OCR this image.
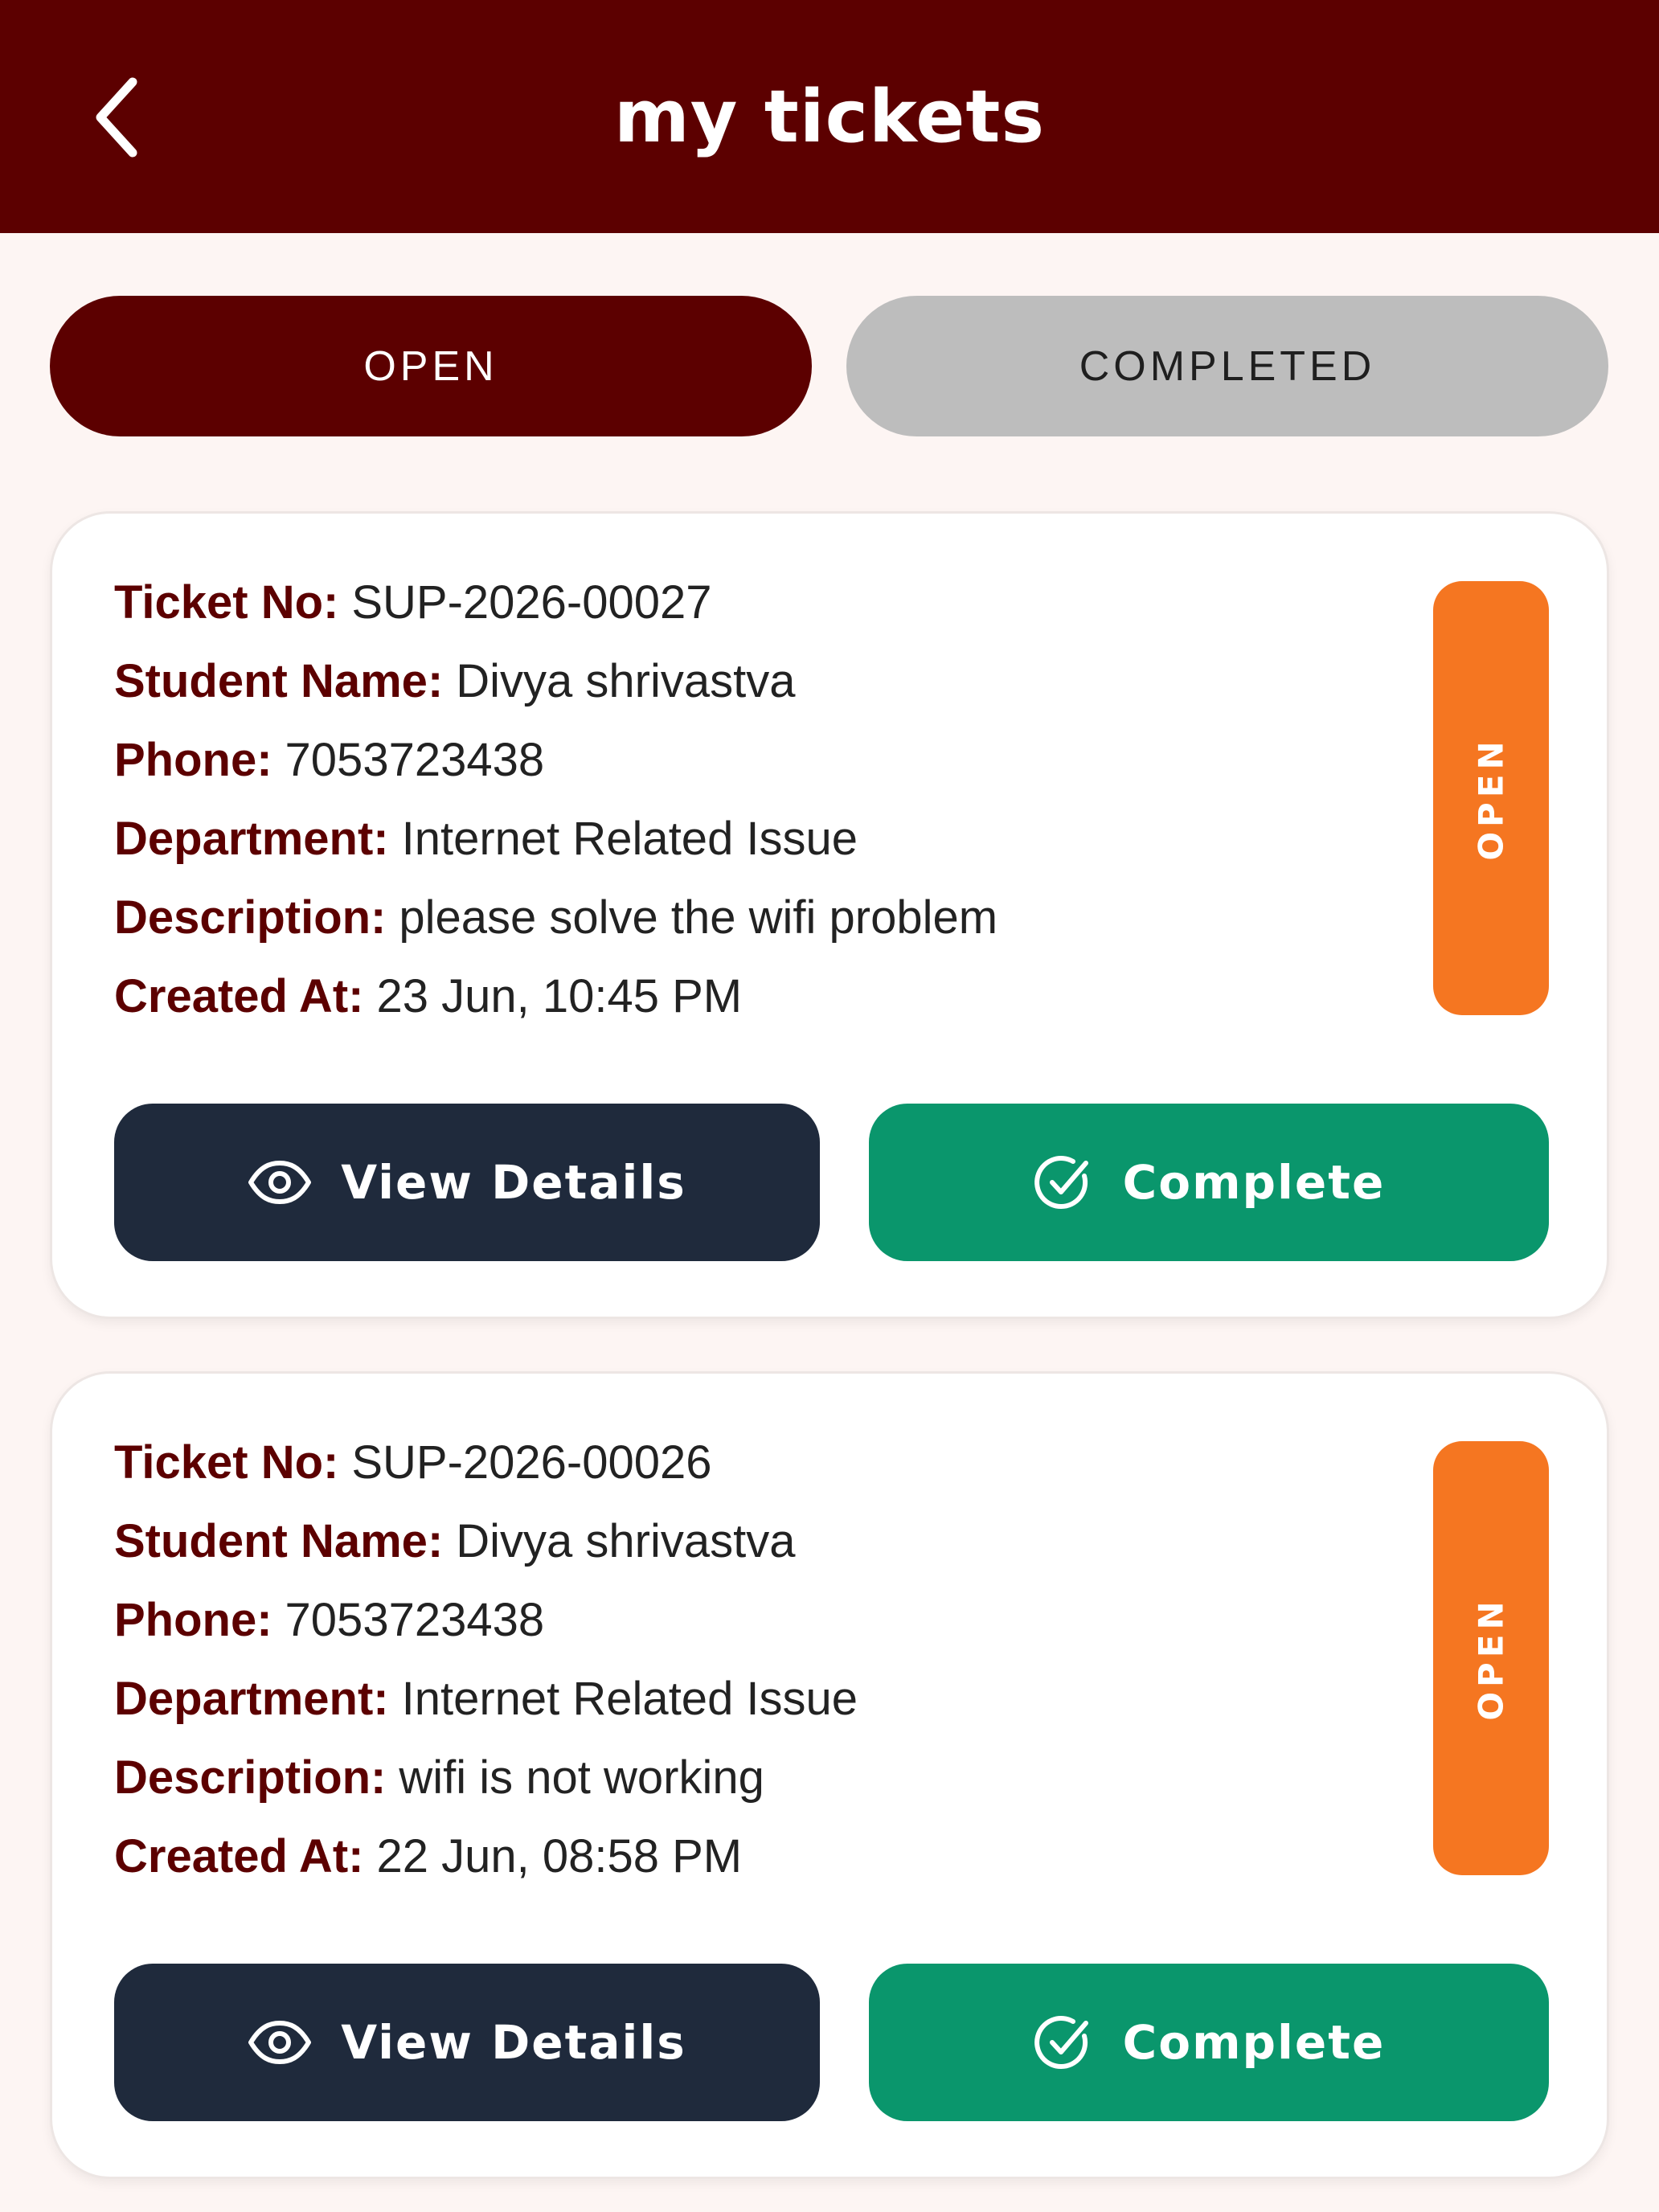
my tickets
OPEN	COMPLETED
Ticket No: SUP-2026-00027
Student Name: Divya shrivastva
Phone: 7053723438
Department: Internet Related Issue
Description: please solve the wifi problem
Created At: 23 Jun, 10:45 PM
OPEN
View Details	Complete
Ticket No: SUP-2026-00026
Student Name: Divya shrivastva
Phone: 7053723438
Department: Internet Related Issue
Description: wifi is not working
Created At: 22 Jun, 08:58 PM
OPEN
View Details	Complete
